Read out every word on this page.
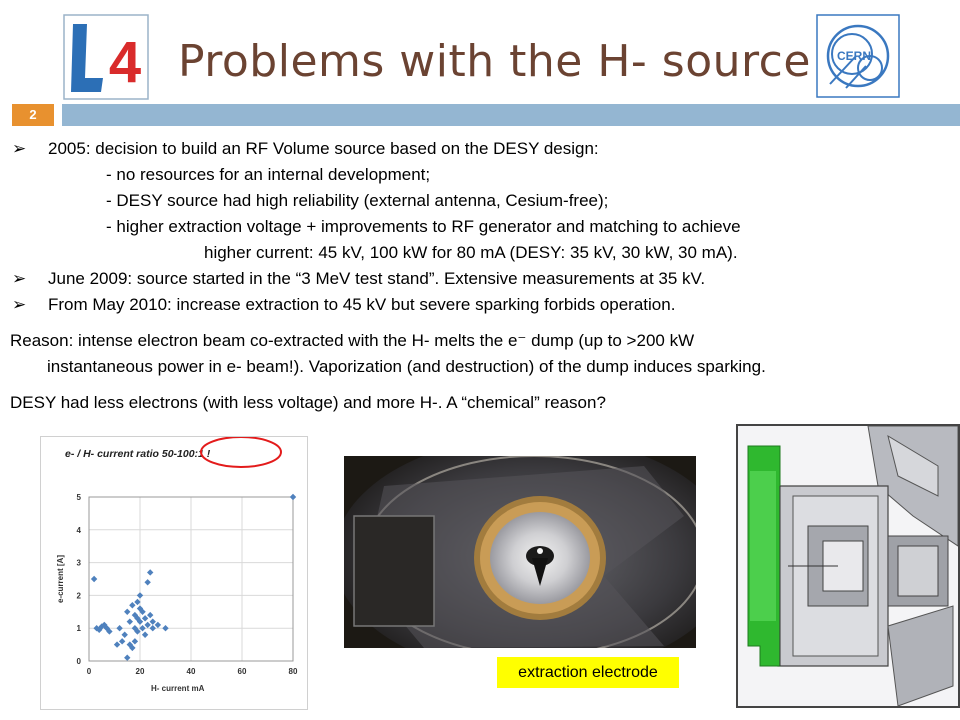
4 Problems with the H- source CERN
2
➢	2005: decision to build an RF Volume source based on the DESY design:
- no resources for an internal development;
- DESY source had high reliability (external antenna, Cesium-free);
- higher extraction voltage + improvements to RF generator and matching to achieve
higher current: 45 kV, 100 kW for 80 mA (DESY: 35 kV, 30 kW, 30 mA).
➢	June 2009: source started in the “3 MeV test stand”. Extensive measurements at 35 kV.
➢	From May 2010: increase extraction to 45 kV but severe sparking forbids operation.
Reason: intense electron beam co-extracted with the H- melts the e⁻ dump (up to >200 kW
instantaneous power in e- beam!). Vaporization (and destruction) of the dump induces sparking.
DESY had less electrons (with less voltage) and more H-. A “chemical” reason?
0	20	40	60	80
0
1
2
3
4
5
e- / H- current ratio 50-100:1 !
H- current mA
e-current [A]
extraction electrode
